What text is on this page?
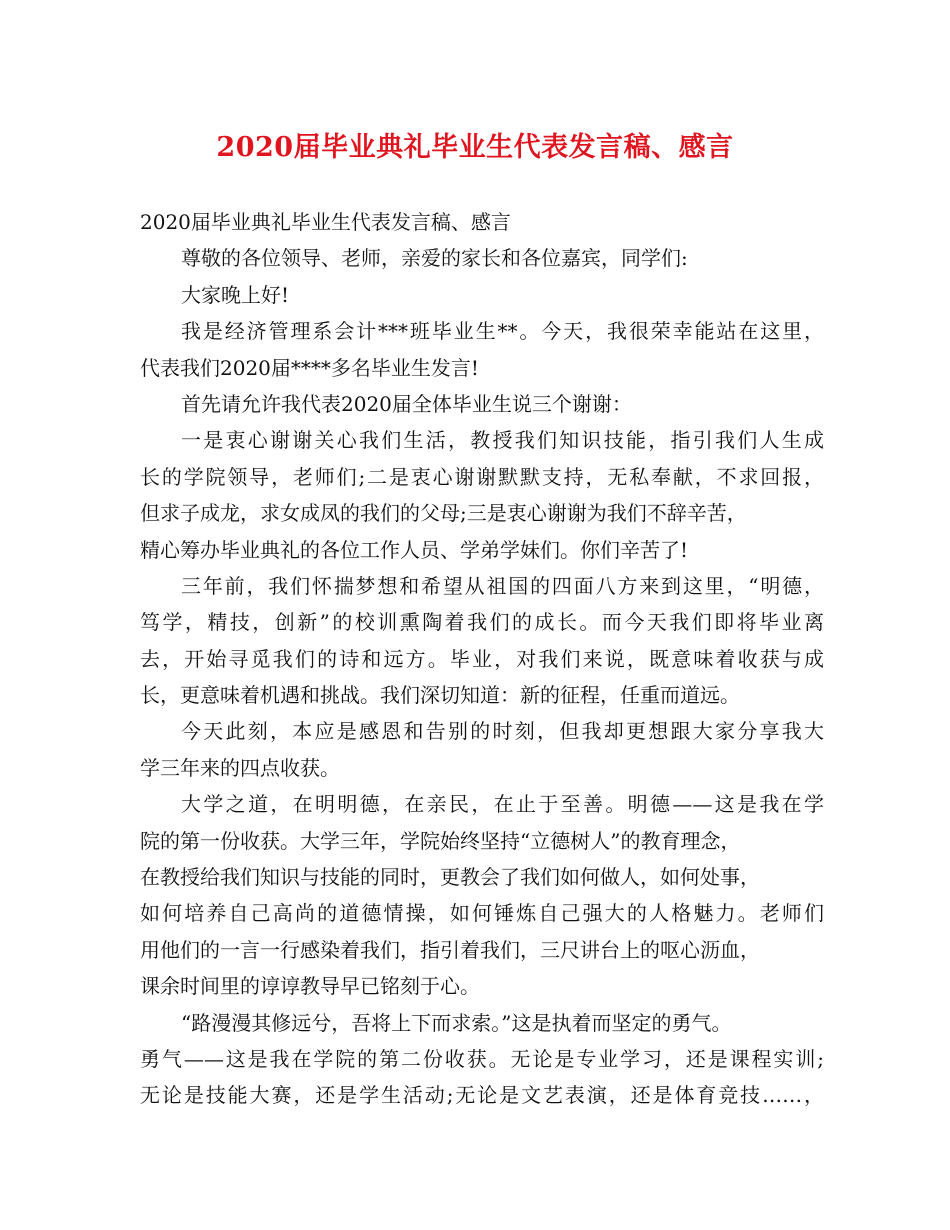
2020届毕业典礼毕业生代表发言稿、感言
2020届毕业典礼毕业生代表发言稿、感言
尊敬的各位领导、老师，亲爱的家长和各位嘉宾，同学们:
大家晚上好!
我是经济管理系会计***班毕业生**。今天，我很荣幸能站在这里，
代表我们2020届****多名毕业生发言!
首先请允许我代表2020届全体毕业生说三个谢谢：
一是衷心谢谢关心我们生活，教授我们知识技能，指引我们人生成
长的学院领导，老师们;二是衷心谢谢默默支持，无私奉献，不求回报，
但求子成龙，求女成凤的我们的父母;三是衷心谢谢为我们不辞辛苦，
精心筹办毕业典礼的各位工作人员、学弟学妹们。你们辛苦了!
三年前，我们怀揣梦想和希望从祖国的四面八方来到这里，“明德，
笃学，精技，创新”的校训熏陶着我们的成长。而今天我们即将毕业离
去，开始寻觅我们的诗和远方。毕业，对我们来说，既意味着收获与成
长，更意味着机遇和挑战。我们深切知道：新的征程，任重而道远。
今天此刻，本应是感恩和告别的时刻，但我却更想跟大家分享我大
学三年来的四点收获。
大学之道，在明明德，在亲民，在止于至善。明德——这是我在学
院的第一份收获。大学三年，学院始终坚持“立德树人”的教育理念，
在教授给我们知识与技能的同时，更教会了我们如何做人，如何处事，
如何培养自己高尚的道德情操，如何锤炼自己强大的人格魅力。老师们
用他们的一言一行感染着我们，指引着我们，三尺讲台上的呕心沥血，
课余时间里的谆谆教导早已铭刻于心。
“路漫漫其修远兮，吾将上下而求索。”这是执着而坚定的勇气。
勇气——这是我在学院的第二份收获。无论是专业学习，还是课程实训;
无论是技能大赛，还是学生活动;无论是文艺表演，还是体育竞技……，
